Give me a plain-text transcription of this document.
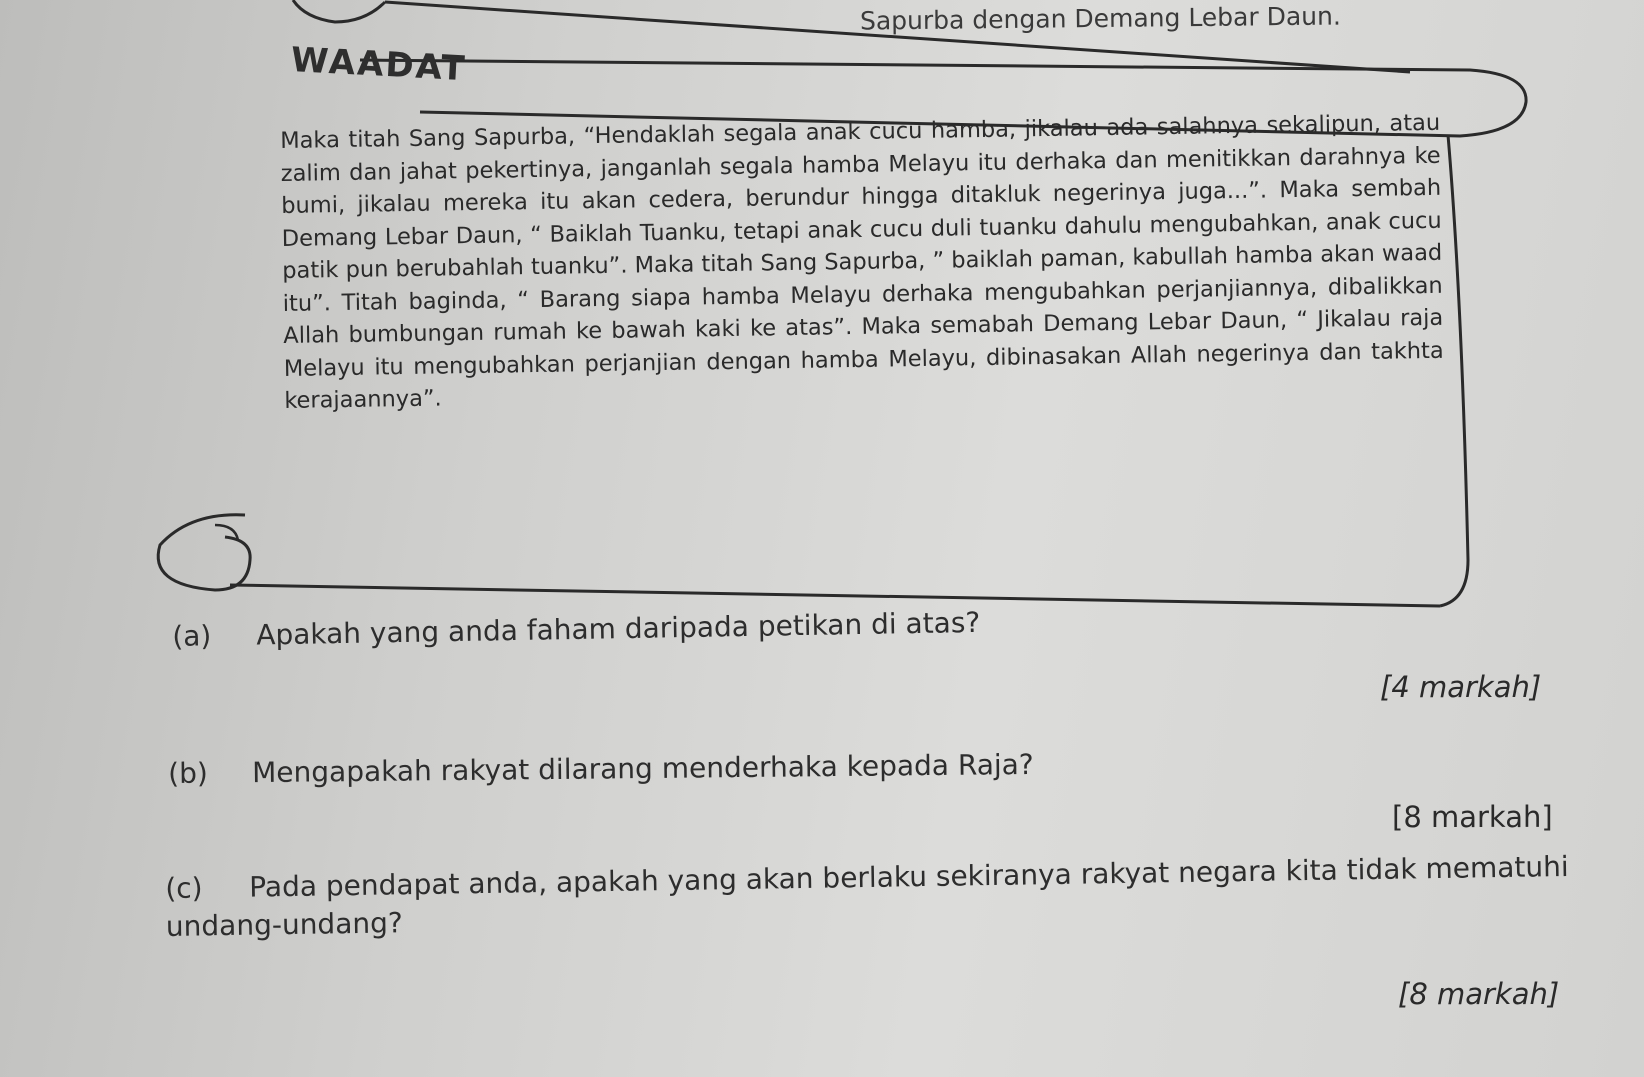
Sapurba dengan Demang Lebar Daun.
WAADAT

Maka titah Sang Sapurba, “Hendaklah segala anak cucu hamba, jikalau ada salahnya sekalipun, atau zalim dan jahat pekertinya, janganlah segala hamba Melayu itu derhaka dan menitikkan darahnya ke bumi, jikalau mereka itu akan cedera, berundur hingga ditakluk negerinya juga...”. Maka sembah Demang Lebar Daun, “ Baiklah Tuanku, tetapi anak cucu duli tuanku dahulu mengubahkan, anak cucu patik pun berubahlah tuanku”. Maka titah Sang Sapurba, ” baiklah paman, kabullah hamba akan waad itu”. Titah baginda, “ Barang siapa hamba Melayu derhaka mengubahkan perjanjiannya, dibalikkan Allah bumbungan rumah ke bawah kaki ke atas”. Maka semabah Demang Lebar Daun, “ Jikalau raja Melayu itu mengubahkan perjanjian dengan hamba Melayu, dibinasakan Allah negerinya dan takhta kerajaannya”.

(a) Apakah yang anda faham daripada petikan di atas?
[4 markah]
(b) Mengapakah rakyat dilarang menderhaka kepada Raja?
[8 markah]
(c) Pada pendapat anda, apakah yang akan berlaku sekiranya rakyat negara kita tidak mematuhi undang-undang?
[8 markah]
